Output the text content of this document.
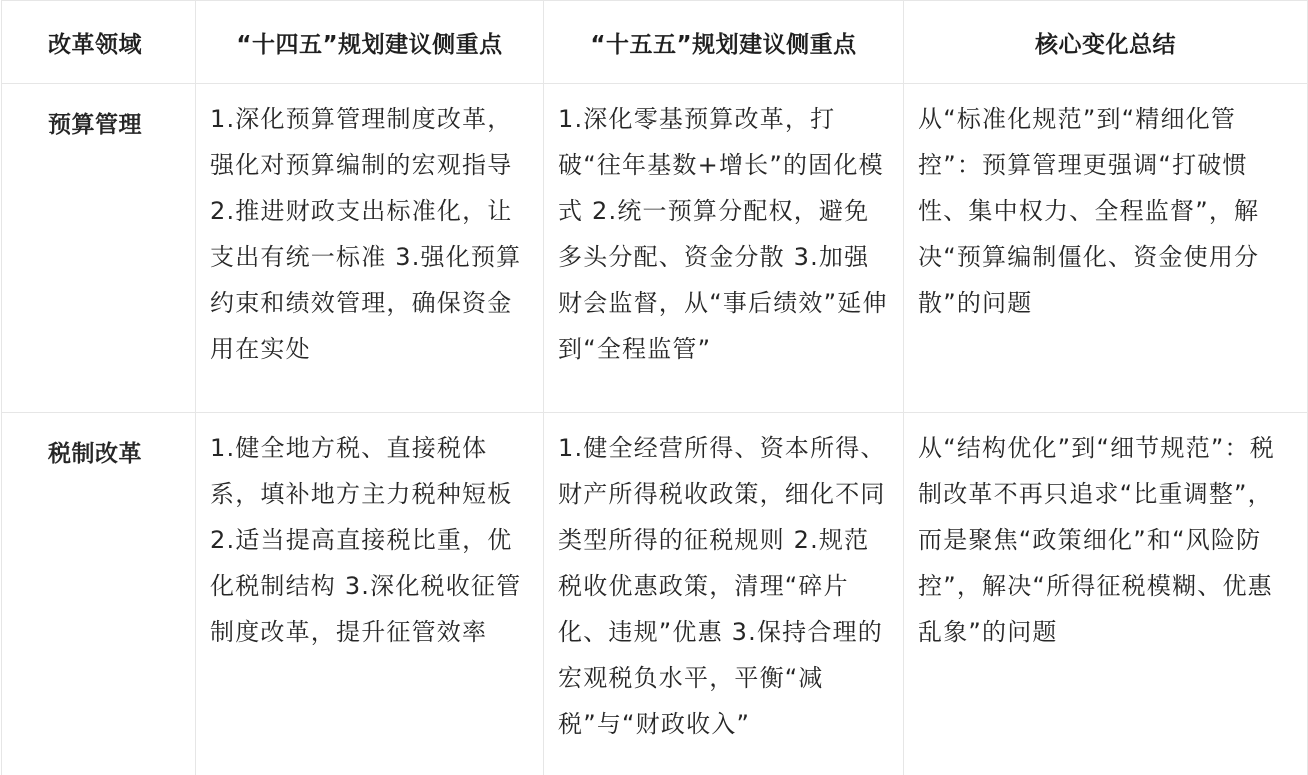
改革领域	“十四五”规划建议侧重点	“十五五”规划建议侧重点	核心变化总结
预算管理	1.深化预算管理制度改革，强化对预算编制的宏观指导 2.推进财政支出标准化，让支出有统一标准 3.强化预算约束和绩效管理，确保资金用在实处	1.深化零基预算改革，打破“往年基数+增长”的固化模式 2.统一预算分配权，避免多头分配、资金分散 3.加强财会监督，从“事后绩效”延伸到“全程监管”	从“标准化规范”到“精细化管控”：预算管理更强调“打破惯性、集中权力、全程监督”，解决“预算编制僵化、资金使用分散”的问题
税制改革	1.健全地方税、直接税体系，填补地方主力税种短板 2.适当提高直接税比重，优化税制结构 3.深化税收征管制度改革，提升征管效率	1.健全经营所得、资本所得、财产所得税收政策，细化不同类型所得的征税规则 2.规范税收优惠政策，清理“碎片化、违规”优惠 3.保持合理的宏观税负水平，平衡“减税”与“财政收入”	从“结构优化”到“细节规范”：税制改革不再只追求“比重调整”，而是聚焦“政策细化”和“风险防控”，解决“所得征税模糊、优惠乱象”的问题
